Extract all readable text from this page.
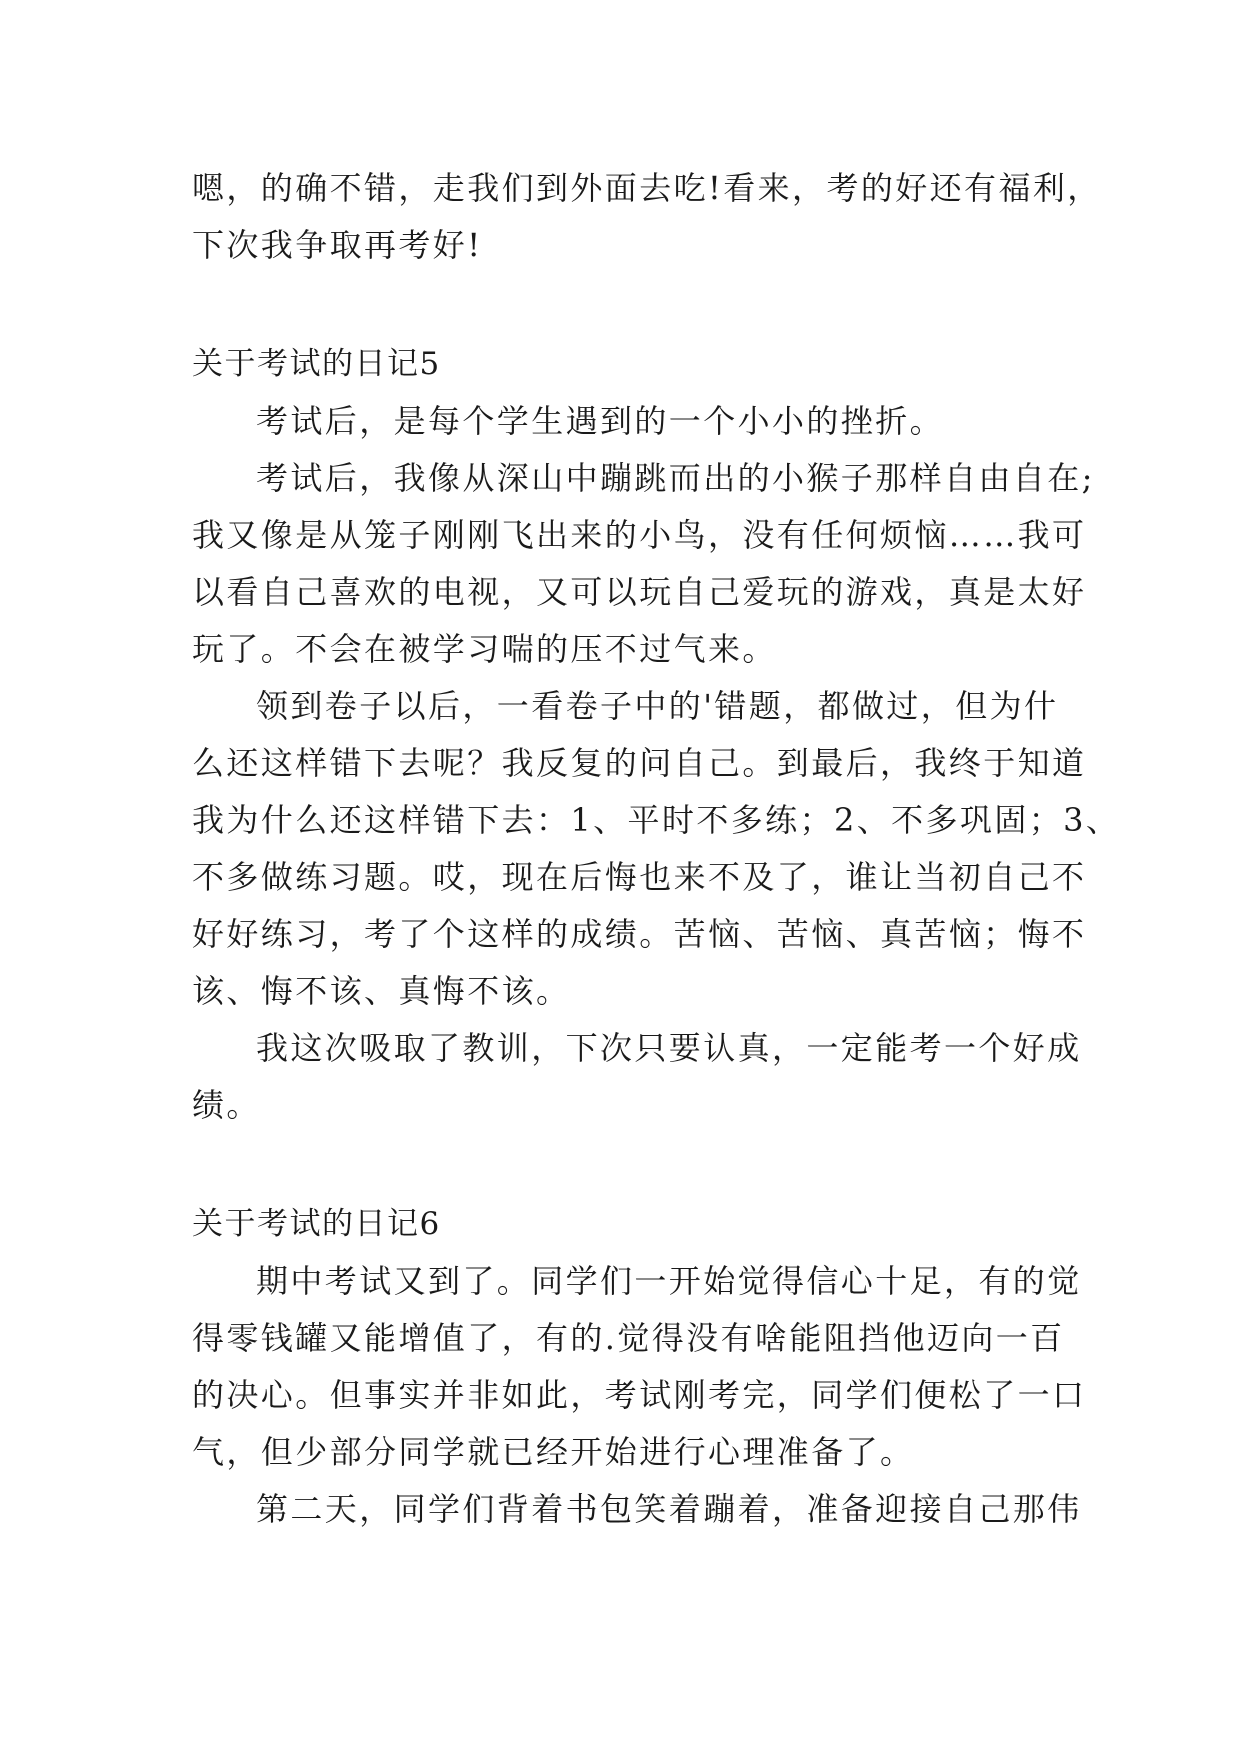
嗯，的确不错，走我们到外面去吃!看来，考的好还有福利，
下次我争取再考好!
关于考试的日记5
考试后，是每个学生遇到的一个小小的挫折。
考试后，我像从深山中蹦跳而出的小猴子那样自由自在;
我又像是从笼子刚刚飞出来的小鸟，没有任何烦恼……我可
以看自己喜欢的电视，又可以玩自己爱玩的游戏，真是太好
玩了。不会在被学习喘的压不过气来。
领到卷子以后，一看卷子中的'错题，都做过，但为什
么还这样错下去呢？我反复的问自己。到最后，我终于知道
我为什么还这样错下去：1、平时不多练；2、不多巩固；3、
不多做练习题。哎，现在后悔也来不及了，谁让当初自己不
好好练习，考了个这样的成绩。苦恼、苦恼、真苦恼；悔不
该、悔不该、真悔不该。
我这次吸取了教训，下次只要认真，一定能考一个好成
绩。
关于考试的日记6
期中考试又到了。同学们一开始觉得信心十足，有的觉
得零钱罐又能增值了，有的.觉得没有啥能阻挡他迈向一百
的决心。但事实并非如此，考试刚考完，同学们便松了一口
气，但少部分同学就已经开始进行心理准备了。
第二天，同学们背着书包笑着蹦着，准备迎接自己那伟
